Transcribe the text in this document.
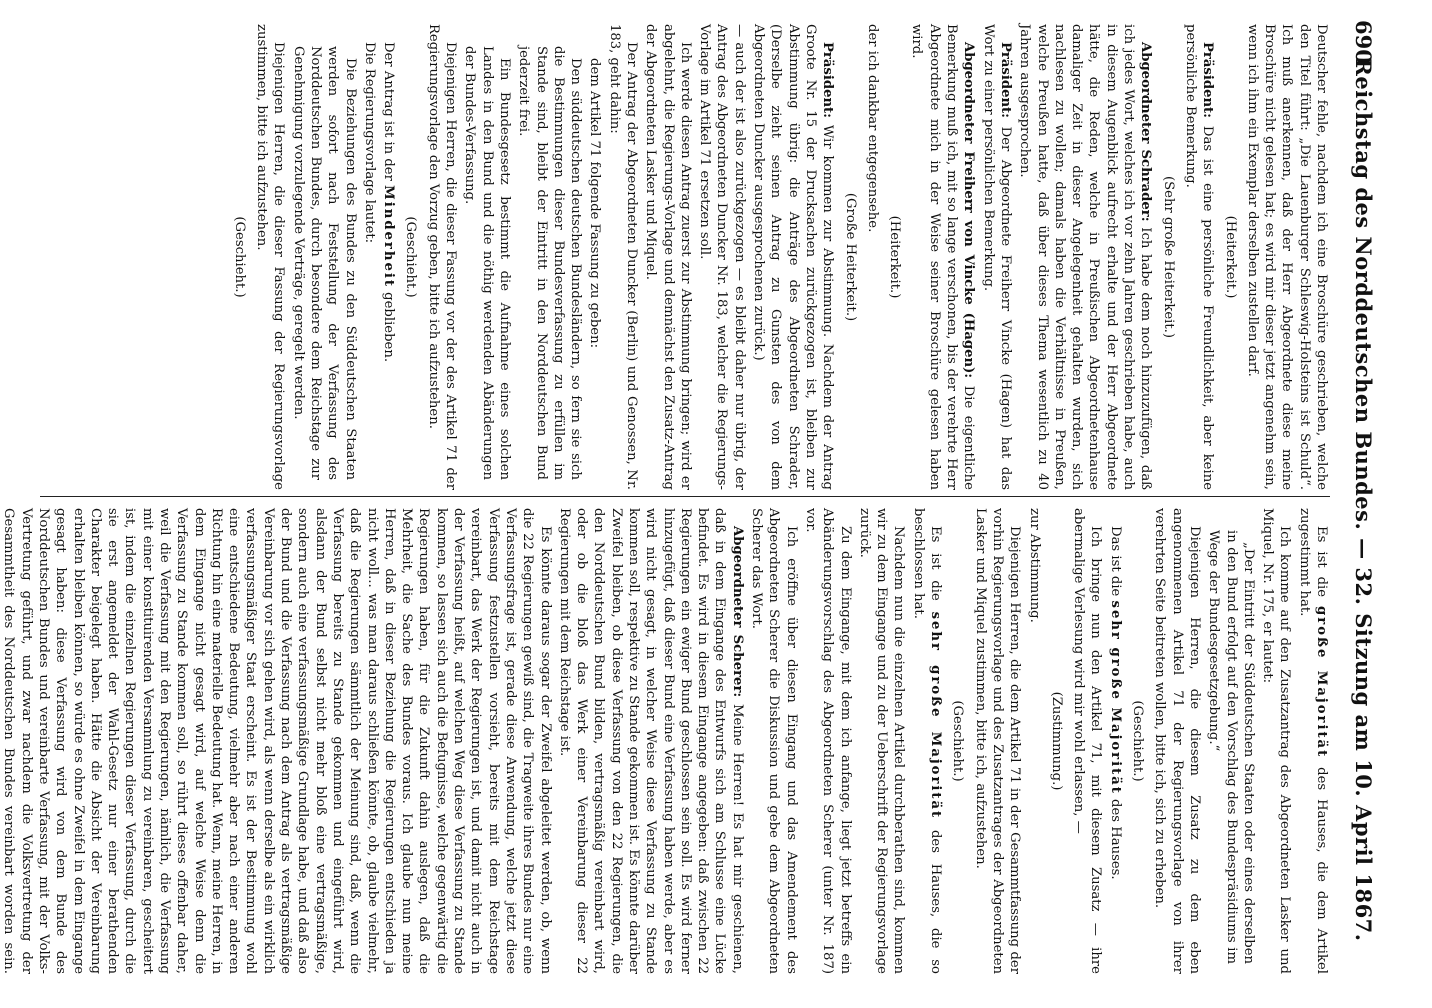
690
Reichstag des Norddeutschen Bundes. — 32. Sitzung am 10. April 1867.

Deutscher fehle, nachdem ich eine Broschüre geschrieben, welche den Titel führt: „Die Lauenburger Schleswig-Holsteins ist Schuld“. Ich muß anerkennen, daß der Herr Abgeordnete diese meine Broschüre nicht gelesen hat; es wird mir dieser jetzt angenehm sein, wenn ich ihm ein Exemplar derselben zustellen darf.

(Heiterkeit.)

Präsident: Das ist eine persönliche Freundlichkeit, aber keine persönliche Bemerkung.

(Sehr große Heiterkeit.)

Abgeordneter Schrader: Ich habe dem noch hinzuzufügen, daß ich jedes Wort, welches ich vor zehn Jahren geschrieben habe, auch in diesem Augenblick aufrecht erhalte und der Herr Abgeordnete hätte, die Reden, welche in Preußischen Abgeordnetenhause damaliger Zeit in dieser Angelegenheit gehalten wurden, sich nachlesen zu wollen; damals haben die Verhältnisse in Preußen, welche Preußen hatte, daß über dieses Thema wesentlich zu 40 Jahren ausgesprochen.

Präsident: Der Abgeordnete Freiherr Vincke (Hagen) hat das Wort zu einer persönlichen Bemerkung.

Abgeordneter Freiherr von Vincke (Hagen): Die eigentliche Bemerkung muß ich, mit so lange verschonen, bis der verehrte Herr Abgeordnete mich in der Weise seiner Broschüre gelesen haben wird.

(Heiterkeit.)

der ich dankbar entgegensehe.

(Große Heiterkeit.)

Präsident: Wir kommen zur Abstimmung. Nachdem der Antrag Groote Nr. 15 der Drucksachen zurückgezogen ist, bleiben zur Abstimmung übrig: die Anträge des Abgeordneten Schrader, (Derselbe zieht seinen Antrag zu Gunsten des von dem Abgeordneten Duncker ausgesprochenen zurück.)

— auch der ist also zurückgezogen — es bleibt daher nur übrig, der Antrag des Abgeordneten Duncker Nr. 183, welcher die Regierungs-Vorlage im Artikel 71 ersetzen soll.

Ich werde diesen Antrag zuerst zur Abstimmung bringen; wird er abgelehnt, die Regierungs-Vorlage und demnächst den Zusatz-Antrag der Abgeordneten Lasker und Miquel.

Der Antrag der Abgeordneten Duncker (Berlin) und Genossen, Nr. 183, geht dahin:

dem Artikel 71 folgende Fassung zu geben:

Den süddeutschen deutschen Bundesländern, so fern sie sich die Bestimmungen dieser Bundesverfassung zu erfüllen im Stande sind, bleibt der Eintritt in den Norddeutschen Bund jederzeit frei.

Ein Bundesgesetz bestimmt die Aufnahme eines solchen Landes in den Bund und die nöthig werdenden Abänderungen der Bundes-Verfassung.

Diejenigen Herren, die dieser Fassung vor der des Artikel 71 der Regierungsvorlage den Vorzug geben, bitte ich aufzustehen.

(Geschieht.)

Der Antrag ist in der Minderheit geblieben.

Die Regierungsvorlage lautet:

Die Beziehungen des Bundes zu den Süddeutschen Staaten werden sofort nach Feststellung der Verfassung des Norddeutschen Bundes, durch besondere dem Reichstage zur Genehmigung vorzulegende Verträge, geregelt werden.

Diejenigen Herren, die dieser Fassung der Regierungsvorlage zustimmen, bitte ich aufzustehen.

(Geschieht.)

Es ist die große Majorität des Hauses, die dem Artikel zugestimmt hat.

Ich komme auf den Zusatzantrag des Abgeordneten Lasker und Miquel, Nr. 175, er lautet:

„Der Eintritt der Süddeutschen Staaten oder eines derselben in den Bund erfolgt auf den Vorschlag des Bundespräsidiums im Wege der Bundesgesetzgebung.“

Diejenigen Herren, die diesem Zusatz zu dem eben angenommenen Artikel 71 der Regierungsvorlage von ihrer verehrten Seite beitreten wollen, bitte ich, sich zu erheben.

(Geschieht.)

Das ist die sehr große Majorität des Hauses.

Ich bringe nun den Artikel 71, mit diesem Zusatz — ihre abermalige Verlesung wird mir wohl erlassen, —

(Zustimmung.)

zur Abstimmung.

Diejenigen Herren, die dem Artikel 71 in der Gesammtfassung der vorhin Regierungsvorlage und des Zusatzantrages der Abgeordneten Lasker und Miquel zustimmen, bitte ich, aufzustehen.

(Geschieht.)

Es ist die sehr große Majorität des Hauses, die so beschlossen hat.

Nachdem nun die einzelnen Artikel durchberathen sind, kommen wir zu dem Eingange und zu der Ueberschrift der Regierungsvorlage zurück.

Zu dem Eingange, mit dem ich anfange, liegt jetzt betreffs ein Abänderungsvorschlag des Abgeordneten Scherer (unter Nr. 187) vor.

Ich eröffne über diesen Eingang und das Amendement des Abgeordneten Scherer die Diskussion und gebe dem Abgeordneten Scherer das Wort.

Abgeordneter Scherer: Meine Herren! Es hat mir geschienen, daß in dem Eingange des Entwurfs sich am Schlusse eine Lücke befindet. Es wird in diesem Eingange angegeben: daß zwischen 22 Regierungen ein ewiger Bund geschlossen sein soll. Es wird ferner hinzugefügt, daß dieser Bund eine Verfassung haben werde, aber es wird nicht gesagt, in welcher Weise diese Verfassung zu Stande kommen soll, respektive zu Stande gekommen ist. Es könnte darüber Zweifel bleiben, ob diese Verfassung von den 22 Regierungen, die den Norddeutschen Bund bilden, vertragsmäßig vereinbart wird, oder ob die bloß das Werk einer Vereinbarung dieser 22 Regierungen mit dem Reichstage ist.

Es könnte daraus sogar der Zweifel abgeleitet werden, ob, wenn die 22 Regierungen gewiß sind, die Tragweite ihres Bundes nur eine Verfassungsfrage ist, gerade diese Anwendung, welche jetzt diese Verfassung festzustellen vorsieht, bereits mit dem Reichstage vereinbart, das Werk der Regierungen ist, und damit nicht auch in der Verfassung heißt, auf welchen Weg diese Verfassung zu Stande kommen, so lassen sich auch die Befugnisse, welche gegenwärtig die Regierungen haben, für die Zukunft dahin auslegen, daß die Mehrheit, die Sache des Bundes voraus. Ich glaube nun meine Herren, daß in dieser Beziehung die Regierungen entschieden ja nicht woll... was man daraus schließen könnte, ob, glaube vielmehr, daß die Regierungen sämmtlich der Meinung sind, daß, wenn die Verfassung bereits zu Stande gekommen und eingeführt wird, alsdann der Bund selbst nicht mehr bloß eine vertragsmäßige, sondern auch eine verfassungsmäßige Grundlage habe, und daß also der Bund und die Verfassung nach dem Antrag als vertragsmäßige Vereinbarung vor sich gehen wird, als wenn derselbe als ein wirklich verfassungsmäßiger Staat erscheint. Es ist der Bestimmung wohl eine entschiedene Bedeutung, vielmehr aber nach einer anderen Richtung hin eine materielle Bedeutung hat. Wenn, meine Herren, in dem Eingange nicht gesagt wird, auf welche Weise denn die Verfassung zu Stande kommen soll, so rührt dieses offenbar daher, weil die Verfassung mit den Regierungen, nämlich, die Verfassung mit einer konstituirenden Versammlung zu vereinbaren, gescheitert ist, indem die einzelnen Regierungen dieser Verfassung, durch die sie erst angemeldet der Wahl-Gesetz nur einer berathenden Charakter beigelegt haben. Hätte die Absicht der Vereinbarung erhalten bleiben können, so würde es ohne Zweifel in dem Eingange gesagt haben: diese Verfassung wird von dem Bunde des Norddeutschen Bundes und vereinbarte Verfassung, mit der Volks-Vertretung geführt, und zwar nachdem die Volksvertretung der Gesammtheit des Norddeutschen Bundes vereinbart worden sein.
